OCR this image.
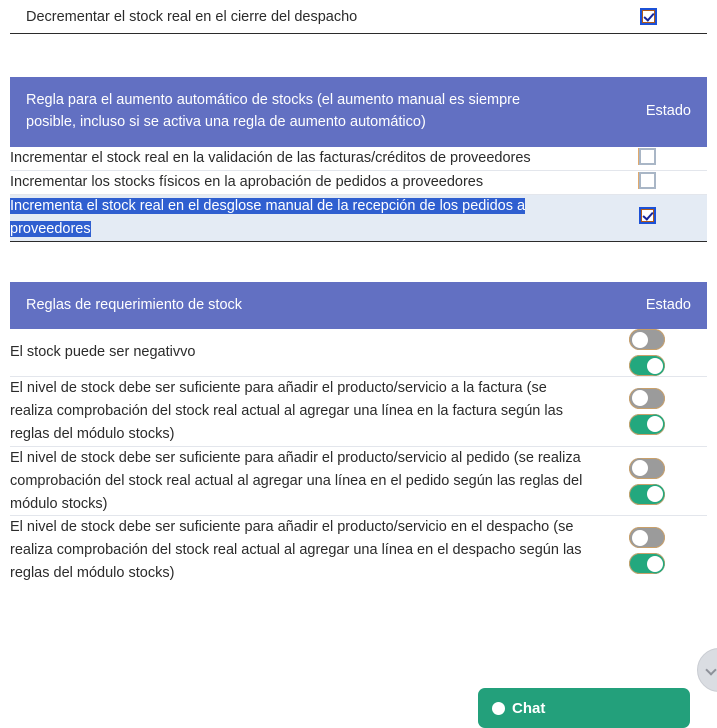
Decrementar el stock real en el cierre del despacho
Regla para el aumento automático de stocks (el aumento manual es siempre posible, incluso si se activa una regla de aumento automático)	Estado
Incrementar el stock real en la validación de las facturas/créditos de proveedores	
Incrementar los stocks físicos en la aprobación de pedidos a proveedores	
Incrementa el stock real en el desglose manual de la recepción de los pedidos a proveedores	
Reglas de requerimiento de stock	Estado
El stock puede ser negativvo	

El nivel de stock debe ser suficiente para añadir el producto/servicio a la factura (se realiza comprobación del stock real actual al agregar una línea en la factura según las reglas del módulo stocks)	

El nivel de stock debe ser suficiente para añadir el producto/servicio al pedido (se realiza comprobación del stock real actual al agregar una línea en el pedido según las reglas del módulo stocks)	

El nivel de stock debe ser suficiente para añadir el producto/servicio en el despacho (se realiza comprobación del stock real actual al agregar una línea en el despacho según las reglas del módulo stocks)	
Chat
